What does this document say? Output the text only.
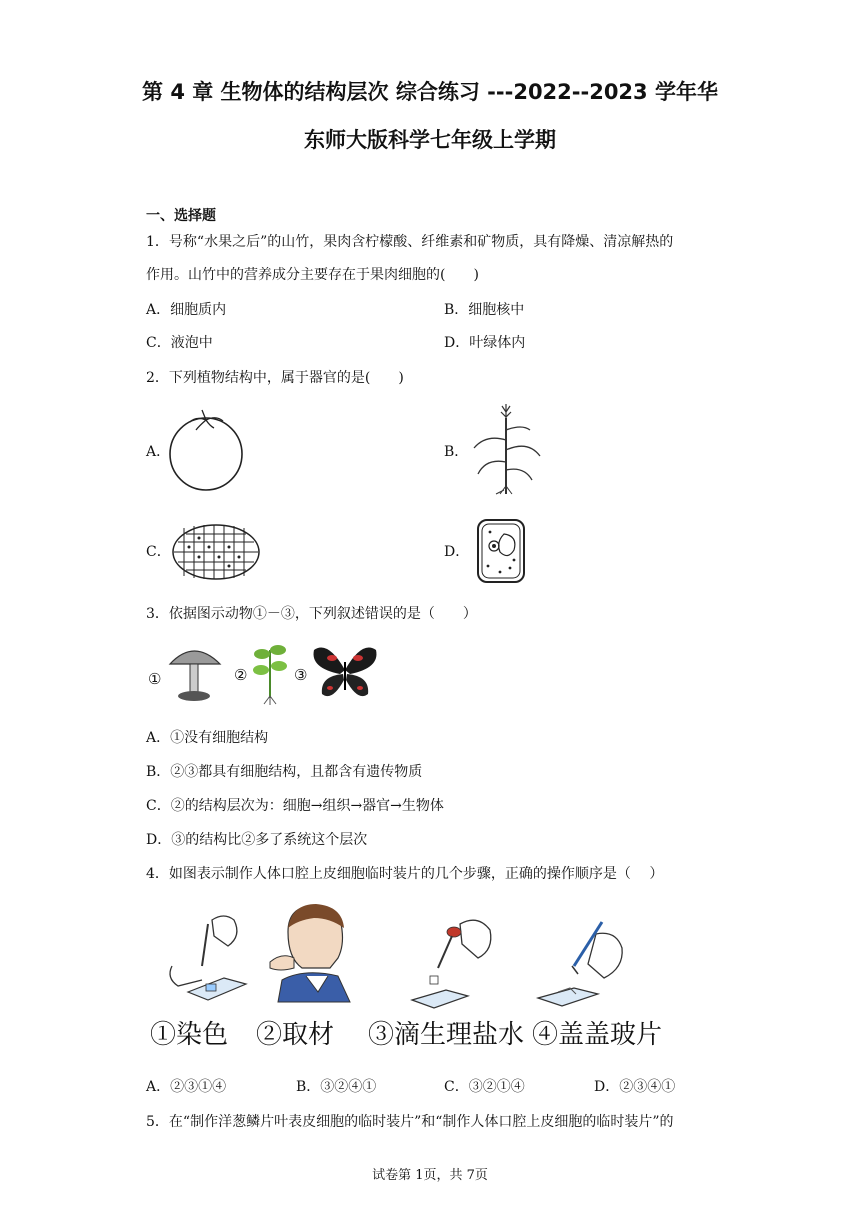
第 4 章 生物体的结构层次 综合练习 ---2022--2023 学年华
东师大版科学七年级上学期
一、选择题
1．号称“水果之后”的山竹，果肉含柠檬酸、纤维素和矿物质，具有降燥、清凉解热的
作用。山竹中的营养成分主要存在于果肉细胞的(　　)
A．细胞质内	B．细胞核中
C．液泡中	D．叶绿体内
2．下列植物结构中，属于器官的是(　　)
A．	B．
C．	D．
3．依据图示动物①－③，下列叙述错误的是（　　）
①	②	③
A．①没有细胞结构
B．②③都具有细胞结构，且都含有遗传物质
C．②的结构层次为：细胞→组织→器官→生物体
D．③的结构比②多了系统这个层次
4．如图表示制作人体口腔上皮细胞临时装片的几个步骤，正确的操作顺序是（　 ）
①染色 ②取材 ③滴生理盐水 ④盖盖玻片
A．②③①④	B．③②④①	C．③②①④	D．②③④①
5．在“制作洋葱鳞片叶表皮细胞的临时装片”和“制作人体口腔上皮细胞的临时装片”的
试卷第 1页，共 7页
